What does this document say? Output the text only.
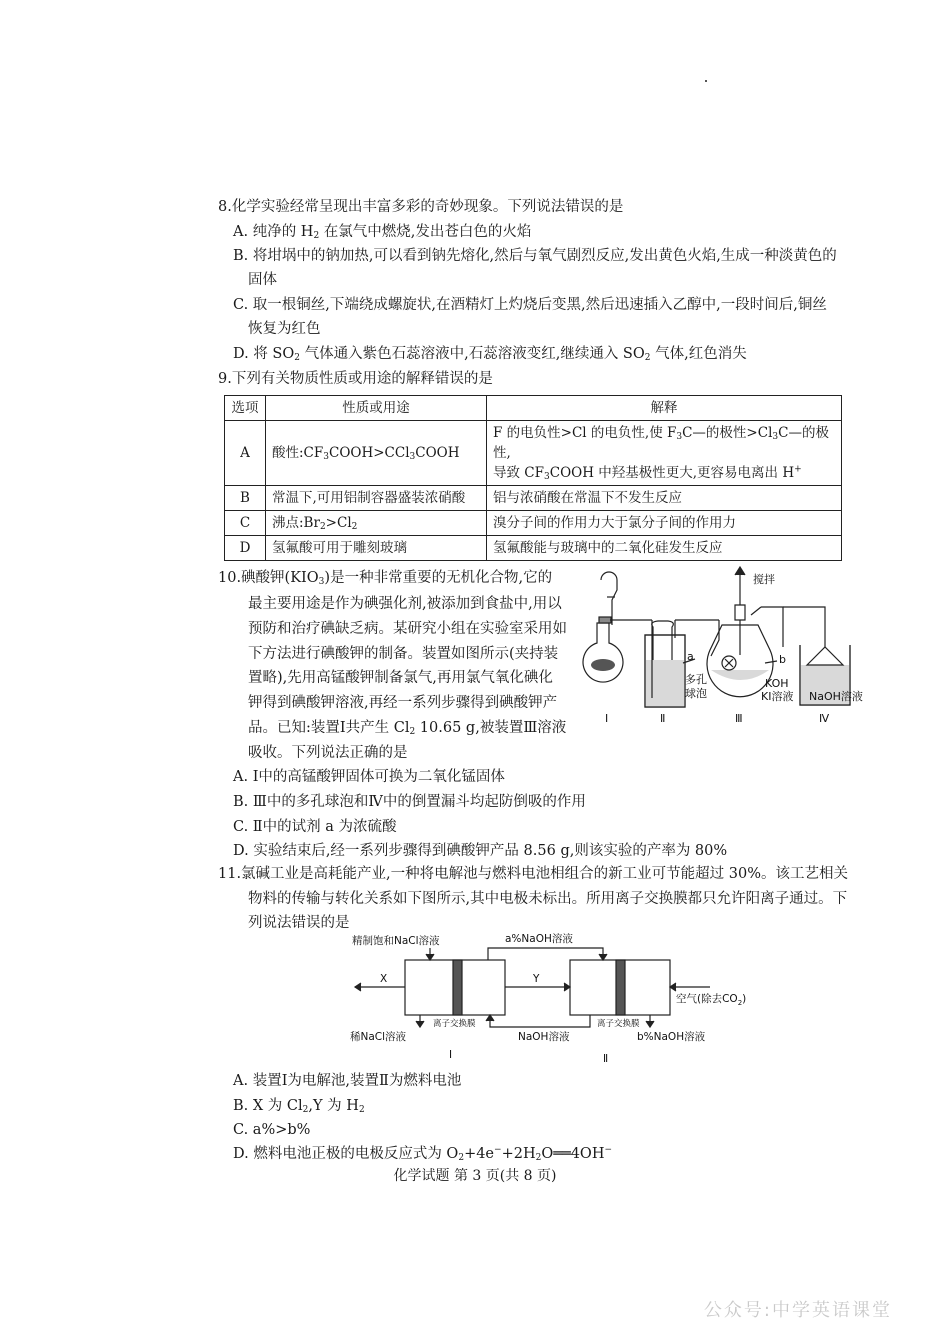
8.化学实验经常呈现出丰富多彩的奇妙现象。下列说法错误的是
A. 纯净的 $H_2$ 在氯气中燃烧,发出苍白色的火焰
B. 将坩埚中的钠加热,可以看到钠先熔化,然后与氧气剧烈反应,发出黄色火焰,生成一种淡黄色的
固体
C. 取一根铜丝,下端绕成螺旋状,在酒精灯上灼烧后变黑,然后迅速插入乙醇中,一段时间后,铜丝
恢复为红色
D. 将 $SO_2$ 气体通入紫色石蕊溶液中,石蕊溶液变红,继续通入 $SO_2$ 气体,红色消失
9.下列有关物质性质或用途的解释错误的是
选项	性质或用途	解释
A	酸性$:CF_3COOH>CCl_3COOH$	F 的电负性>Cl 的电负性,使 $F_3C—$的极性$>Cl_3C—$的极性,
导致 $CF_3COOH$ 中羟基极性更大,更容易电离出 H+

B	常温下,可用铝制容器盛装浓硝酸	铝与浓硝酸在常温下不发生反应
C	沸点$:Br_2>Cl_2$	溴分子间的作用力大于氯分子间的作用力
D	氢氟酸可用于雕刻玻璃	氢氟酸能与玻璃中的二氧化硅发生反应
10.碘酸钾$(KIO_3)$是一种非常重要的无机化合物,它的
最主要用途是作为碘强化剂,被添加到食盐中,用以
预防和治疗碘缺乏病。某研究小组在实验室采用如
下方法进行碘酸钾的制备。装置如图所示(夹持装
置略),先用高锰酸钾制备氯气,再用氯气氧化碘化
钾得到碘酸钾溶液,再经一系列步骤得到碘酸钾产
品。已知:装置Ⅰ共产生 $Cl_2$ 10.65 g,被装置Ⅲ溶液
吸收。下列说法正确的是
A. Ⅰ中的高锰酸钾固体可换为二氧化锰固体
B. Ⅲ中的多孔球泡和Ⅳ中的倒置漏斗均起防倒吸的作用
C. Ⅱ中的试剂 a 为浓硫酸
D. 实验结束后,经一系列步骤得到碘酸钾产品 8.56 g,则该实验的产率为 80%
搅拌
a	b
多孔
球泡
KOH
KI溶液 NaOH溶液
Ⅰ	Ⅱ	Ⅲ	Ⅳ
11.氯碱工业是高耗能产业,一种将电解池与燃料电池相组合的新工业可节能超过 30%。该工艺相关
物料的传输与转化关系如下图所示,其中电极未标出。所用离子交换膜都只允许阳离子通过。下
列说法错误的是
精制饱和NaCl溶液	a%NaOH溶液
X	Y
空气(除去$CO_2$)
离子交换膜	离子交换膜
稀NaCl溶液	NaOH溶液	b%NaOH溶液
Ⅰ	Ⅱ
A. 装置Ⅰ为电解池,装置Ⅱ为燃料电池
B. X 为 $Cl_2,Y$ 为 $H_2$
C. a%>b%
D. 燃料电池正极的电极反应式为 $O_2+4e^-+2H_2O══4OH^-$
化学试题 第 3 页(共 8 页)
公众号:中学英语课堂
